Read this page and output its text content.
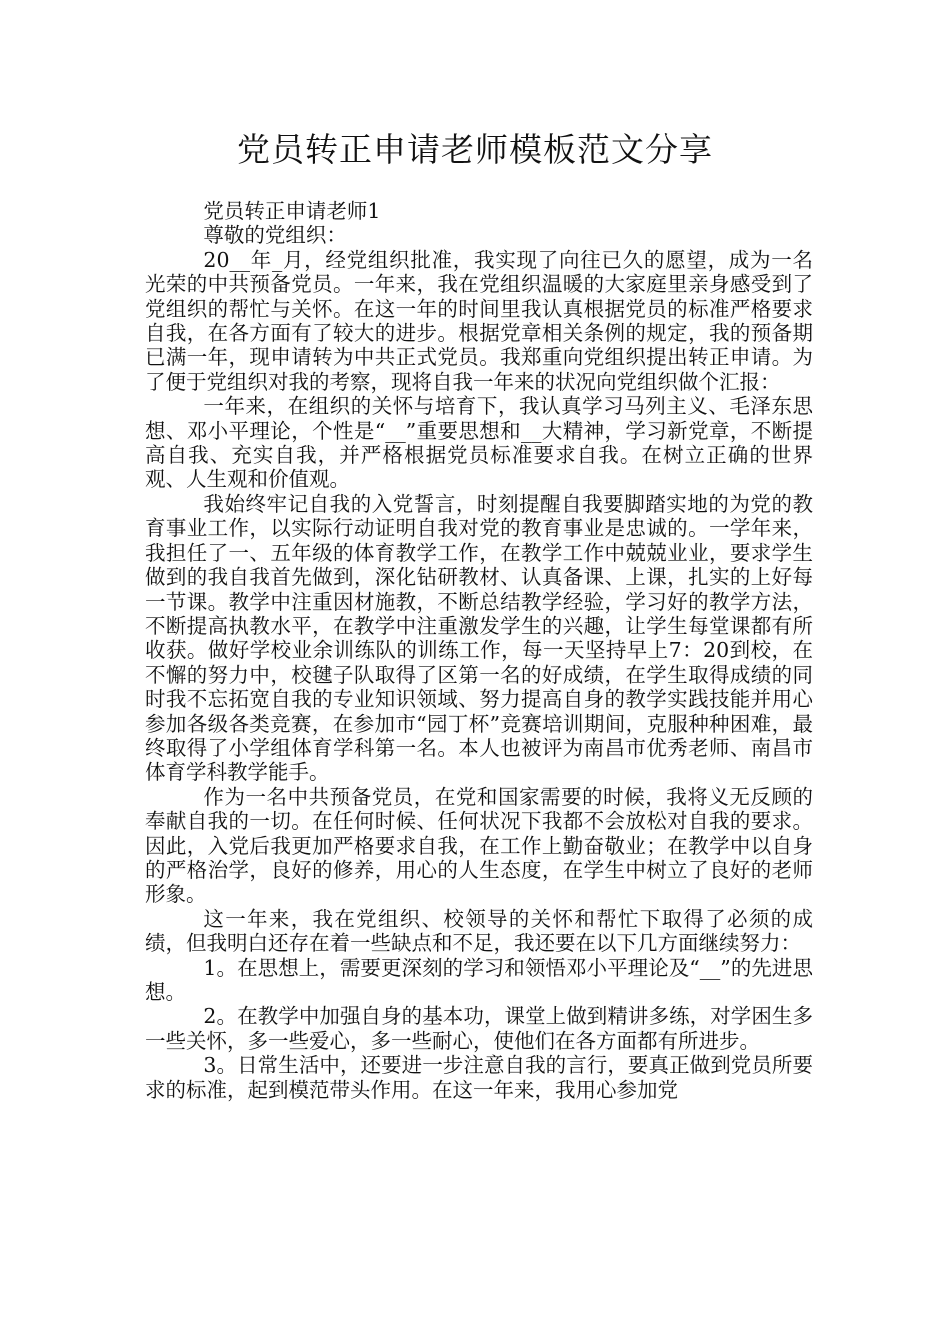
党员转正申请老师模板范文分享

党员转正申请老师1

尊敬的党组织：

20__年_月，经党组织批准，我实现了向往已久的愿望，成为一名光荣的中共预备党员。一年来，我在党组织温暖的大家庭里亲身感受到了党组织的帮忙与关怀。在这一年的时间里我认真根据党员的标准严格要求自我，在各方面有了较大的进步。根据党章相关条例的规定，我的预备期已满一年，现申请转为中共正式党员。我郑重向党组织提出转正申请。为了便于党组织对我的考察，现将自我一年来的状况向党组织做个汇报：

一年来，在组织的关怀与培育下，我认真学习马列主义、毛泽东思想、邓小平理论，个性是“__”重要思想和__大精神，学习新党章，不断提高自我、充实自我，并严格根据党员标准要求自我。在树立正确的世界观、人生观和价值观。

我始终牢记自我的入党誓言，时刻提醒自我要脚踏实地的为党的教育事业工作，以实际行动证明自我对党的教育事业是忠诚的。一学年来，我担任了一、五年级的体育教学工作，在教学工作中兢兢业业，要求学生做到的我自我首先做到，深化钻研教材、认真备课、上课，扎实的上好每一节课。教学中注重因材施教，不断总结教学经验，学习好的教学方法，不断提高执教水平，在教学中注重激发学生的兴趣，让学生每堂课都有所收获。做好学校业余训练队的训练工作，每一天坚持早上7：20到校，在不懈的努力中，校毽子队取得了区第一名的好成绩，在学生取得成绩的同时我不忘拓宽自我的专业知识领域、努力提高自身的教学实践技能并用心参加各级各类竞赛，在参加市“园丁杯”竞赛培训期间，克服种种困难，最终取得了小学组体育学科第一名。本人也被评为南昌市优秀老师、南昌市体育学科教学能手。

作为一名中共预备党员，在党和国家需要的时候，我将义无反顾的奉献自我的一切。在任何时候、任何状况下我都不会放松对自我的要求。因此，入党后我更加严格要求自我，在工作上勤奋敬业；在教学中以自身的严格治学，良好的修养，用心的人生态度，在学生中树立了良好的老师形象。

这一年来，我在党组织、校领导的关怀和帮忙下取得了必须的成绩，但我明白还存在着一些缺点和不足，我还要在以下几方面继续努力：

1。在思想上，需要更深刻的学习和领悟邓小平理论及“__”的先进思想。

2。在教学中加强自身的基本功，课堂上做到精讲多练，对学困生多一些关怀，多一些爱心，多一些耐心，使他们在各方面都有所进步。

3。日常生活中，还要进一步注意自我的言行，要真正做到党员所要求的标准，起到模范带头作用。在这一年来，我用心参加党
